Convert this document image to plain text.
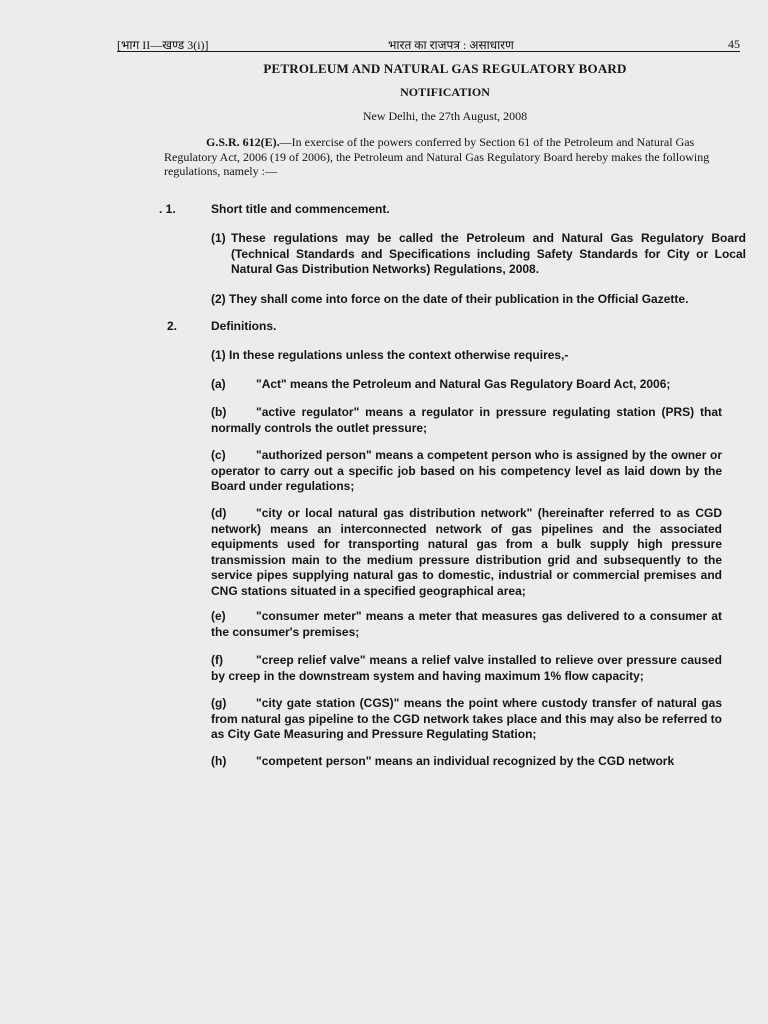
[भाग II—खण्ड 3(i)]	भारत का राजपत्र : असाधारण	45
PETROLEUM AND NATURAL GAS REGULATORY BOARD
NOTIFICATION
New Delhi, the 27th August, 2008

G.S.R. 612(E).—In exercise of the powers conferred by Section 61 of the Petroleum and Natural Gas Regulatory Act, 2006 (19 of 2006), the Petroleum and Natural Gas Regulatory Board hereby makes the following regulations, namely :—

. 1.	Short title and commencement.

(1) These regulations may be called the Petroleum and Natural Gas Regulatory Board (Technical Standards and Specifications including Safety Standards for City or Local Natural Gas Distribution Networks) Regulations, 2008.

(2) They shall come into force on the date of their publication in the Official Gazette.

2.	Definitions.

(1) In these regulations unless the context otherwise requires,-

(a)	"Act" means the Petroleum and Natural Gas Regulatory Board Act, 2006;

(b) "active regulator" means a regulator in pressure regulating station (PRS) that normally controls the outlet pressure;

(c)	"authorized person" means a competent person who is assigned by the owner or operator to carry out a specific job based on his competency level as laid down by the Board under regulations;

(d) "city or local natural gas distribution network" (hereinafter referred to as CGD network) means an interconnected network of gas pipelines and the associated equipments used for transporting natural gas from a bulk supply high pressure transmission main to the medium pressure distribution grid and subsequently to the service pipes supplying natural gas to domestic, industrial or commercial premises and CNG stations situated in a specified geographical area;

(e)	"consumer meter" means a meter that measures gas delivered to a consumer at the consumer's premises;

(f)	"creep relief valve" means a relief valve installed to relieve over pressure caused by creep in the downstream system and having maximum 1% flow capacity;

(g) "city gate station (CGS)" means the point where custody transfer of natural gas from natural gas pipeline to the CGD network takes place and this may also be referred to as City Gate Measuring and Pressure Regulating Station;

(h) "competent person" means an individual recognized by the CGD network
